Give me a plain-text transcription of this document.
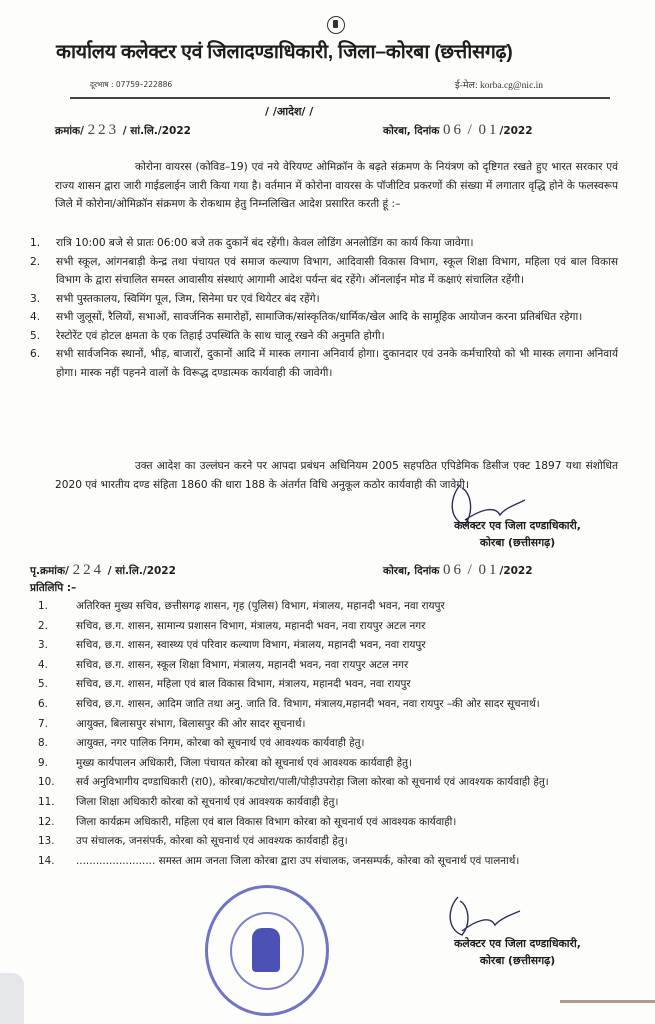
कार्यालय कलेक्टर एवं जिलादण्डाधिकारी, जिला–कोरबा (छत्तीसगढ़)
दूरभाष : 07759–222886	ई-मेल: korba.cg@nic.in
/ /आदेश/ /
क्रमांक/ 223 / सां.लि./2022	कोरबा, दिनांक 06 / 01/2022
कोरोना वायरस (कोविड–19) एवं नये वेरियण्ट ओमिक्रॉन के बढ़ते संक्रमण के नियंत्रण को दृष्टिगत रखते हुए भारत सरकार एवं राज्य शासन द्वारा जारी गाईडलाईन जारी किया गया है। वर्तमान में कोरोना वायरस के पॉजीटिव प्रकरणों की संख्या में लगातार वृद्धि होने के फलस्वरूप जिले में कोरोना/ओमिक्रॉन संक्रमण के रोकथाम हेतु निम्नलिखित आदेश प्रसारित करती हूं :–
1.	रात्रि 10:00 बजे से प्रातः 06:00 बजे तक दुकानें बंद रहेंगी। केवल लोडिंग अनलोडिंग का कार्य किया जावेगा।
2.	सभी स्कूल, आंगनबाड़ी केन्द्र तथा पंचायत एवं समाज कल्याण विभाग, आदिवासी विकास विभाग, स्कूल शिक्षा विभाग, महिला एवं बाल विकास विभाग के द्वारा संचालित समस्त आवासीय संस्थाएं आगामी आदेश पर्यन्त बंद रहेंगे। ऑनलाईन मोड में कक्षाएं संचालित रहेंगी।
3.	सभी पुस्तकालय, स्विमिंग पूल, जिम, सिनेमा घर एवं थियेटर बंद रहेंगे।
4.	सभी जुलूसों, रैलियों, सभाओं, सावर्जनिक समारोहों, सामाजिक/सांस्कृतिक/धार्मिक/खेल आदि के सामूहिक आयोजन करना प्रतिबंधित रहेगा।
5.	रेस्टोरेंट एवं होटल क्षमता के एक तिहाई उपस्थिति के साथ चालू रखने की अनुमति होगी।
6.	सभी सार्वजनिक स्थानों, भीड़, बाजारों, दुकानों आदि में मास्क लगाना अनिवार्य होगा। दुकानदार एवं उनके कर्मचारियो को भी मास्क लगाना अनिवार्य होगा। मास्क नहीं पहनने वालों के विरूद्ध दण्डात्मक कार्यवाही की जावेगी।
उक्त आदेश का उल्लंघन करने पर आपदा प्रबंधन अधिनियम 2005 सहपठित एपिडेमिक डिसीज एक्ट 1897 यथा संशोधित 2020 एवं भारतीय दण्ड संहिता 1860 की धारा 188 के अंतर्गत विधि अनुकूल कठोर कार्यवाही की जावेगी।
कलेक्टर एव जिला दण्डाधिकारी,
कोरबा (छत्तीसगढ़)
पृ.क्रमांक/ 224 / सां.लि./2022	कोरबा, दिनांक 06 / 01/2022
प्रतिलिपि :–
1.	अतिरिक्त मुख्य सचिव, छत्तीसगढ़ शासन, गृह (पुलिस) विभाग, मंत्रालय, महानदी भवन, नवा रायपुर
2.	सचिव, छ.ग. शासन, सामान्य प्रशासन विभाग, मंत्रालय, महानदी भवन, नवा रायपुर अटल नगर
3.	सचिव, छ.ग. शासन, स्वास्थ्य एवं परिवार कल्याण विभाग, मंत्रालय, महानदी भवन, नवा रायपुर
4.	सचिव, छ.ग. शासन, स्कूल शिक्षा विभाग, मंत्रालय, महानदी भवन, नवा रायपुर अटल नगर
5.	सचिव, छ.ग. शासन, महिला एवं बाल विकास विभाग, मंत्रालय, महानदी भवन, नवा रायपुर
6.	सचिव, छ.ग. शासन, आदिम जाति तथा अनु. जाति वि. विभाग, मंत्रालय,महानदी भवन, नवा रायपुर –की ओर सादर सूचनार्थ।
7.	आयुक्त, बिलासपुर संभाग, बिलासपुर की ओर सादर सूचनार्थ।
8.	आयुक्त, नगर पालिक निगम, कोरबा को सूचनार्थ एवं आवश्यक कार्यवाही हेतु।
9.	मुख्य कार्यपालन अधिकारी, जिला पंचायत कोरबा को सूचनार्थ एवं आवश्यक कार्यवाही हेतु।
10.	सर्व अनुविभागीय दण्डाधिकारी (रा0), कोरबा/कटघोरा/पाली/पोड़ीउपरोड़ा जिला कोरबा को सूचनार्थ एवं आवश्यक कार्यवाही हेतु।
11.	जिला शिक्षा अधिकारी कोरबा को सूचनार्थ एवं आवश्यक कार्यवाही हेतु।
12.	जिला कार्यक्रम अधिकारी, महिला एवं बाल विकास विभाग कोरबा को सूचनार्थ एवं आवश्यक कार्यवाही।
13.	उप संचालक, जनसंपर्क, कोरबा को सूचनार्थ एवं आवश्यक कार्यवाही हेतु।
14.	........................ समस्त आम जनता जिला कोरबा द्वारा उप संचालक, जनसम्पर्क, कोरबा को सूचनार्थ एवं पालनार्थ।
कलेक्टर एव जिला दण्डाधिकारी,
कोरबा (छत्तीसगढ़)
